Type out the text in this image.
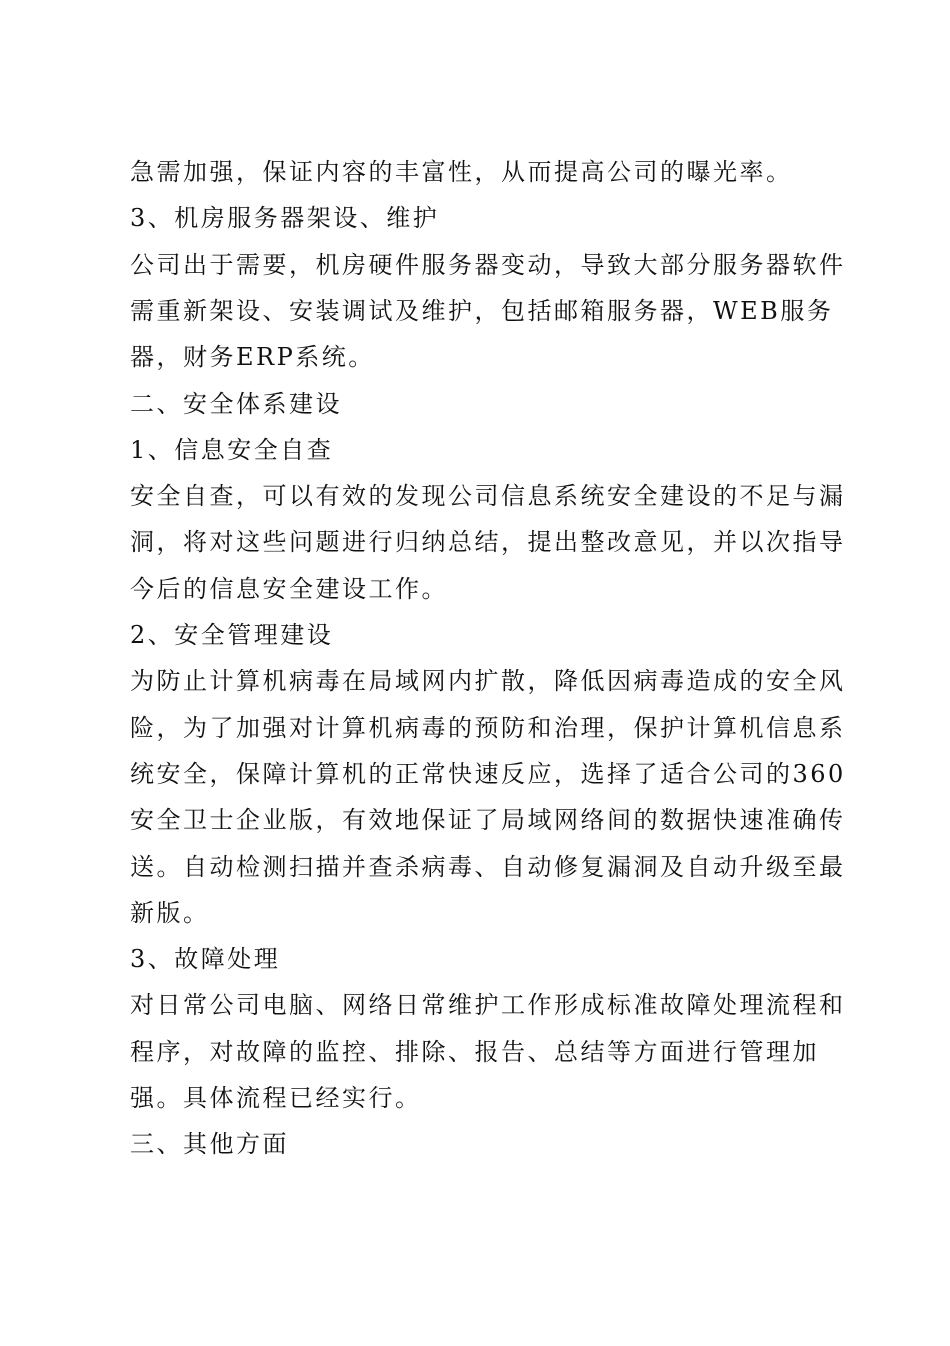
急需加强，保证内容的丰富性，从而提高公司的曝光率。
3、机房服务器架设、维护
公司出于需要，机房硬件服务器变动，导致大部分服务器软件
需重新架设、安装调试及维护，包括邮箱服务器，WEB服务
器，财务ERP系统。
二、安全体系建设
1、信息安全自查
安全自查，可以有效的发现公司信息系统安全建设的不足与漏
洞，将对这些问题进行归纳总结，提出整改意见，并以次指导
今后的信息安全建设工作。
2、安全管理建设
为防止计算机病毒在局域网内扩散，降低因病毒造成的安全风
险，为了加强对计算机病毒的预防和治理，保护计算机信息系
统安全，保障计算机的正常快速反应，选择了适合公司的360
安全卫士企业版，有效地保证了局域网络间的数据快速准确传
送。自动检测扫描并查杀病毒、自动修复漏洞及自动升级至最
新版。
3、故障处理
对日常公司电脑、网络日常维护工作形成标准故障处理流程和
程序，对故障的监控、排除、报告、总结等方面进行管理加
强。具体流程已经实行。
三、其他方面
